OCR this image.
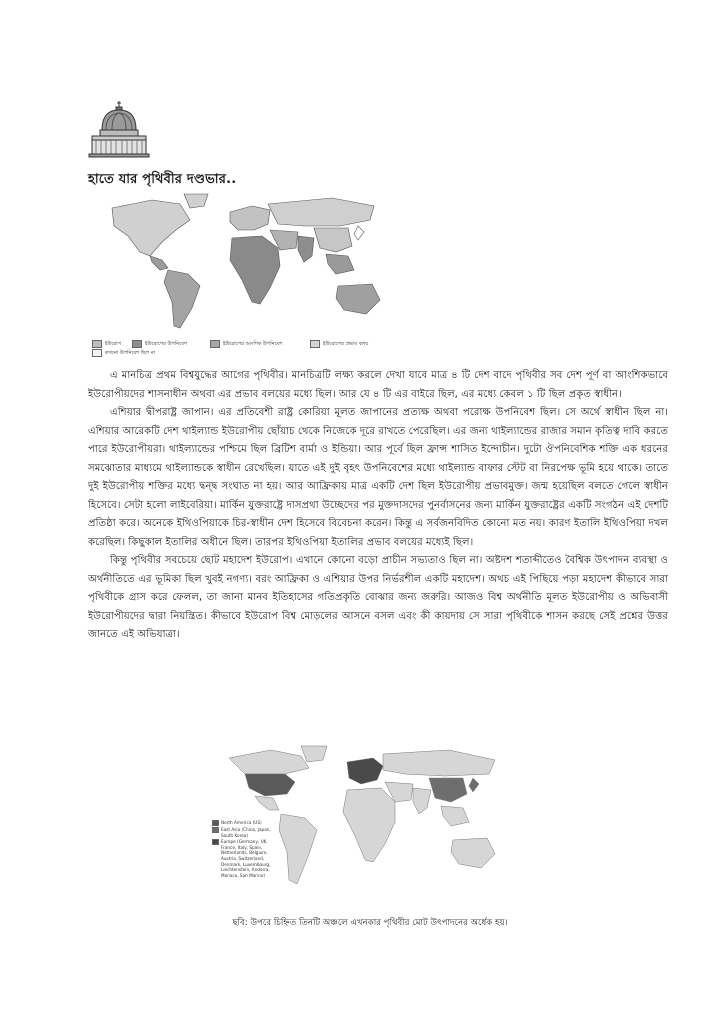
হাতে যার পৃথিবীর দণ্ডভার..
ইউরোপ	ইউরোপের উপনিবেশ	ইউরোপের আংশিক উপনিবেশ	ইউরোপের প্রভাব বলয়
কখনো উপনিবেশ ছিল না

এ মানচিত্র প্রথম বিশ্বযুদ্ধের আগের পৃথিবীর। মানচিত্রটি লক্ষ্য করলে দেখা যাবে মাত্র ৪ টি দেশ বাদে পৃথিবীর সব দেশ পূর্ণ বা আংশিকভাবে ইউরোপীয়দের শাসনাধীন অথবা এর প্রভাব বলয়ের মধ্যে ছিল। আর যে ৪ টি এর বাইরে ছিল, এর মধ্যে কেবল ১ টি ছিল প্রকৃত স্বাধীন।

এশিয়ার দ্বীপরাষ্ট্র জাপান। এর প্রতিবেশী রাষ্ট্র কোরিয়া মূলত জাপানের প্রত্যক্ষ অথবা পরোক্ষ উপনিবেশ ছিল। সে অর্থে স্বাধীন ছিল না। এশিয়ার আরেকটি দেশ থাইল্যান্ড ইউরোপীয় ছোঁয়াচ থেকে নিজেকে দূরে রাখতে পেরেছিল। এর জন্য থাইল্যান্ডের রাজার সমান কৃতিত্ব দাবি করতে পারে ইউরোপীয়রা। থাইল্যান্ডের পশ্চিমে ছিল ব্রিটিশ বার্মা ও ইন্ডিয়া। আর পূর্বে ছিল ফ্রান্স শাসিত ইন্দোচীন। দুটো ঔপনিবেশিক শক্তি এক ধরনের সমঝোতার মাধ্যমে থাইল্যান্ডকে স্বাধীন রেখেছিল। যাতে এই দুই বৃহৎ উপনিবেশের মধ্যে থাইল্যান্ড বাফার স্টেট বা নিরপেক্ষ ভূমি হয়ে থাকে। তাতে দুই ইউরোপীয় শক্তির মধ্যে দ্বন্দ্ব সংঘাত না হয়। আর আফ্রিকায় মাত্র একটি দেশ ছিল ইউরোপীয় প্রভাবমুক্ত। জন্ম হয়েছিল বলতে গেলে স্বাধীন হিসেবে। সেটা হলো লাইবেরিয়া। মার্কিন যুক্তরাষ্ট্রে দাসপ্রথা উচ্ছেদের পর মুক্তদাসদের পুনর্বাসনের জন্য মার্কিন যুক্তরাষ্ট্রের একটি সংগঠন এই দেশটি প্রতিষ্ঠা করে। অনেকে ইথিওপিয়াকে চির-স্বাধীন দেশ হিসেবে বিবেচনা করেন। কিন্তু এ সর্বজনবিদিত কোনো মত নয়। কারণ ইতালি ইথিওপিয়া দখল করেছিল। কিছুকাল ইতালির অধীনে ছিল। তারপর ইথিওপিয়া ইতালির প্রভাব বলয়ের মধ্যেই ছিল।

কিন্তু পৃথিবীর সবচেয়ে ছোট মহাদেশ ইউরোপ। এখানে কোনো বড়ো প্রাচীন সভ্যতাও ছিল না। অষ্টদশ শতাব্দীতেও বৈশ্বিক উৎপাদন ব্যবস্থা ও অর্থনীতিতে এর ভূমিকা ছিল খুবই নগণ্য। বরং আফ্রিকা ও এশিয়ার উপর নির্ভরশীল একটি মহাদেশ। অথচ এই পিছিয়ে পড়া মহাদেশ কীভাবে সারা পৃথিবীকে গ্রাস করে ফেলল, তা জানা মানব ইতিহাসের গতিপ্রকৃতি বোঝার জন্য জরুরি। আজও বিশ্ব অর্থনীতি মূলত ইউরোপীয় ও অভিবাসী ইউরোপীয়দের দ্বারা নিয়ন্ত্রিত। কীভাবে ইউরোপ বিশ্ব মোড়লের আসনে বসল এবং কী কায়দায় সে সারা পৃথিবীকে শাসন করছে সেই প্রশ্নের উত্তর জানতে এই অভিযাত্রা।

North America (US)
East Asia (China, Japan, South Korea)
Europe (Germany, UK, France, Italy, Spain, Netherlands, Belgium, Austria, Switzerland, Denmark, Luxembourg, Liechtenstein, Andorra, Monaco, San Marino)
ছবি: উপরে চিহ্নিত তিনটি অঞ্চলে এখনকার পৃথিবীর মোট উৎপাদনের অর্ধেক হয়।
